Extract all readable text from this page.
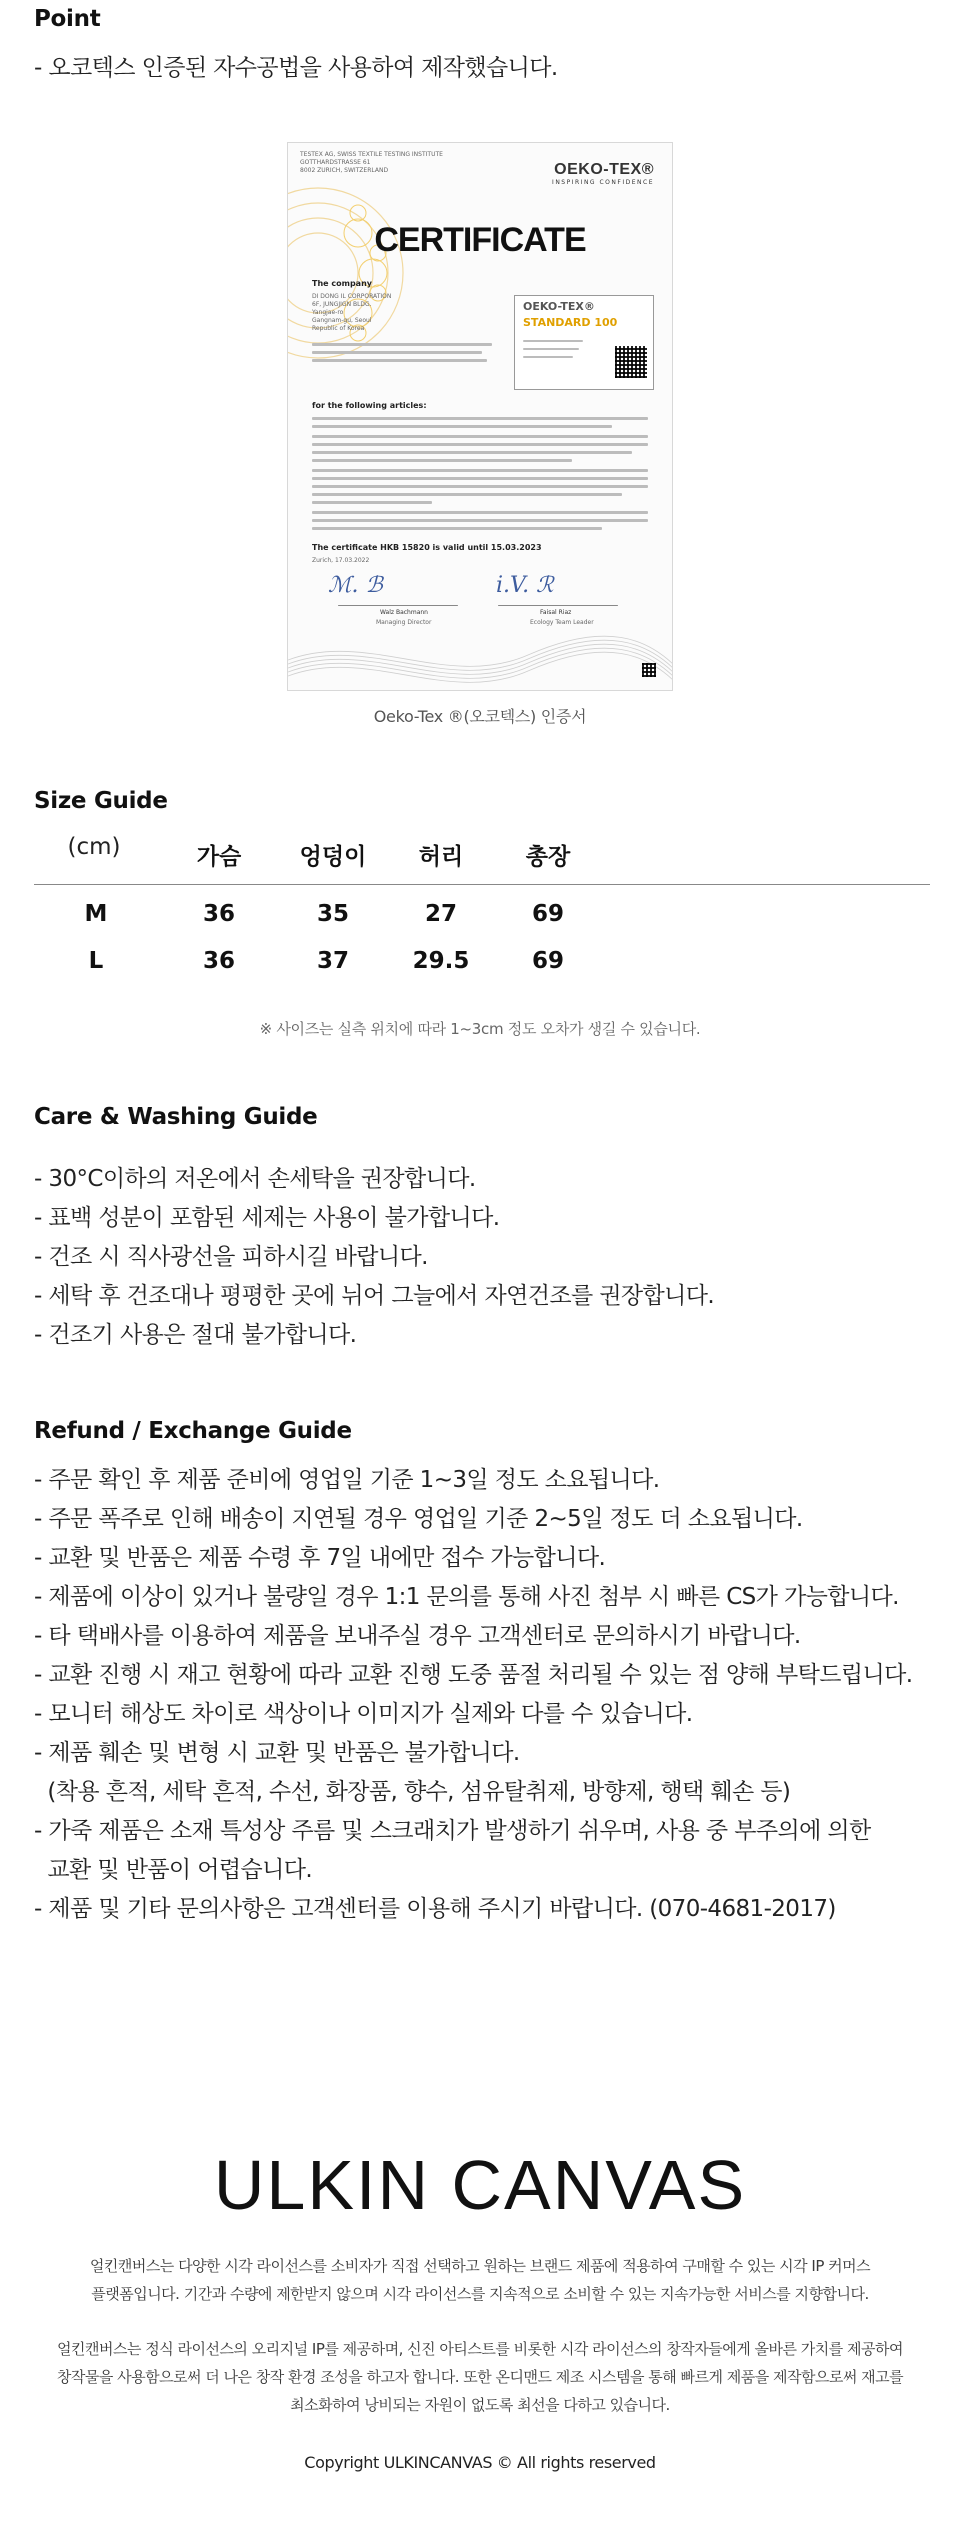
Point
- 오코텍스 인증된 자수공법을 사용하여 제작했습니다.
TESTEX AG, SWISS TEXTILE TESTING INSTITUTE
GOTTHARDSTRASSE 61
8002 ZURICH, SWITZERLAND	OEKO-TEX®
INSPIRING CONFIDENCE
CERTIFICATE
The company
DI DONG IL CORPORATION
6F, JUNGJIGN BLDG.
Yangjae-ro
Gangnam-gu, Seoul
Republic of Korea
OEKO-TEX®
STANDARD 100
for the following articles:
The certificate HKB 15820 is valid until 15.03.2023
Zurich, 17.03.2022
ℳ. ℬ	i.V. ℛ
Walz Bachmann
Managing Director
Faisal Riaz
Ecology Team Leader
Oeko-Tex ®(오코텍스) 인증서
Size Guide
(cm)	가슴	엉덩이	허리	총장
M	36	35	27	69
L	36	37	29.5	69
※ 사이즈는 실측 위치에 따라 1~3cm 정도 오차가 생길 수 있습니다.
Care & Washing Guide
- 30°C이하의 저온에서 손세탁을 권장합니다.
- 표백 성분이 포함된 세제는 사용이 불가합니다.
- 건조 시 직사광선을 피하시길 바랍니다.
- 세탁 후 건조대나 평평한 곳에 뉘어 그늘에서 자연건조를 권장합니다.
- 건조기 사용은 절대 불가합니다.
Refund / Exchange Guide
- 주문 확인 후 제품 준비에 영업일 기준 1~3일 정도 소요됩니다.
- 주문 폭주로 인해 배송이 지연될 경우 영업일 기준 2~5일 정도 더 소요됩니다.
- 교환 및 반품은 제품 수령 후 7일 내에만 접수 가능합니다.
- 제품에 이상이 있거나 불량일 경우 1:1 문의를 통해 사진 첨부 시 빠른 CS가 가능합니다.
- 타 택배사를 이용하여 제품을 보내주실 경우 고객센터로 문의하시기 바랍니다.
- 교환 진행 시 재고 현황에 따라 교환 진행 도중 품절 처리될 수 있는 점 양해 부탁드립니다.
- 모니터 해상도 차이로 색상이나 이미지가 실제와 다를 수 있습니다.
- 제품 훼손 및 변형 시 교환 및 반품은 불가합니다.
(착용 흔적, 세탁 흔적, 수선, 화장품, 향수, 섬유탈취제, 방향제, 행택 훼손 등)
- 가죽 제품은 소재 특성상 주름 및 스크래치가 발생하기 쉬우며, 사용 중 부주의에 의한
교환 및 반품이 어렵습니다.
- 제품 및 기타 문의사항은 고객센터를 이용해 주시기 바랍니다. (070-4681-2017)
ULKIN CANVAS
얼킨캔버스는 다양한 시각 라이선스를 소비자가 직접 선택하고 원하는 브랜드 제품에 적용하여 구매할 수 있는 시각 IP 커머스
플랫폼입니다. 기간과 수량에 제한받지 않으며 시각 라이선스를 지속적으로 소비할 수 있는 지속가능한 서비스를 지향합니다.
얼킨캔버스는 정식 라이선스의 오리지널 IP를 제공하며, 신진 아티스트를 비롯한 시각 라이선스의 창작자들에게 올바른 가치를 제공하여
창작물을 사용함으로써 더 나은 창작 환경 조성을 하고자 합니다. 또한 온디맨드 제조 시스템을 통해 빠르게 제품을 제작함으로써 재고를
최소화하여 낭비되는 자원이 없도록 최선을 다하고 있습니다.
Copyright ULKINCANVAS © All rights reserved
